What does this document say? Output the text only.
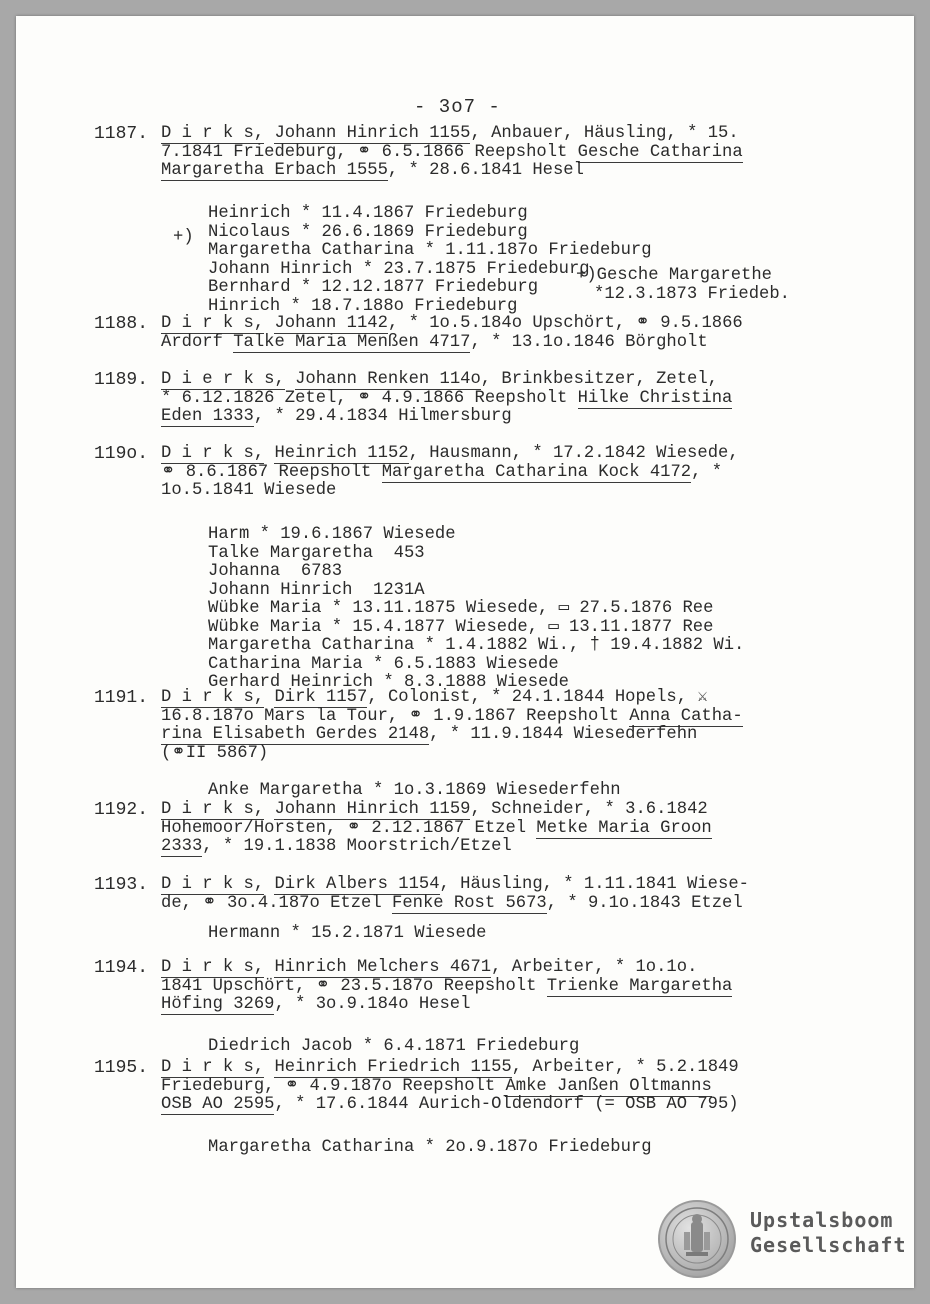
- 3o7 -
1187. D i r k s, Johann Hinrich 1155, Anbauer, Häusling, * 15.
7.1841 Friedeburg, ⚭ 6.5.1866 Reepsholt Gesche Catharina
Margaretha Erbach 1555, * 28.6.1841 Hesel
Heinrich * 11.4.1867 Friedeburg
Nicolaus * 26.6.1869 Friedeburg
Margaretha Catharina * 1.11.187o Friedeburg
Johann Hinrich * 23.7.1875 Friedeburg
Bernhard * 12.12.1877 Friedeburg
Hinrich * 18.7.188o Friedeburg
1188. D i r k s, Johann 1142, * 1o.5.184o Upschört, ⚭ 9.5.1866
Ardorf Talke Maria Menßen 4717, * 13.1o.1846 Börgholt
1189. D i e r k s, Johann Renken 114o, Brinkbesitzer, Zetel,
* 6.12.1826 Zetel, ⚭ 4.9.1866 Reepsholt Hilke Christina
Eden 1333, * 29.4.1834 Hilmersburg
119o. D i r k s, Heinrich 1152, Hausmann, * 17.2.1842 Wiesede,
⚭ 8.6.1867 Reepsholt Margaretha Catharina Kock 4172, *
1o.5.1841 Wiesede
Harm * 19.6.1867 Wiesede
Talke Margaretha  453
Johanna  6783
Johann Hinrich  1231A
Wübke Maria * 13.11.1875 Wiesede, ▭ 27.5.1876 Ree
Wübke Maria * 15.4.1877 Wiesede, ▭ 13.11.1877 Ree
Margaretha Catharina * 1.4.1882 Wi., † 19.4.1882 Wi.
Catharina Maria * 6.5.1883 Wiesede
Gerhard Heinrich * 8.3.1888 Wiesede
1191. D i r k s, Dirk 1157, Colonist, * 24.1.1844 Hopels, ⚔
16.8.187o Mars la Tour, ⚭ 1.9.1867 Reepsholt Anna Catha-
rina Elisabeth Gerdes 2148, * 11.9.1844 Wiesederfehn
(⚭II 5867)
Anke Margaretha * 1o.3.1869 Wiesederfehn
1192. D i r k s, Johann Hinrich 1159, Schneider, * 3.6.1842
Hohemoor/Horsten, ⚭ 2.12.1867 Etzel Metke Maria Groon
2333, * 19.1.1838 Moorstrich/Etzel
1193. D i r k s, Dirk Albers 1154, Häusling, * 1.11.1841 Wiese-
de, ⚭ 3o.4.187o Etzel Fenke Rost 5673, * 9.1o.1843 Etzel
Hermann * 15.2.1871 Wiesede
1194. D i r k s, Hinrich Melchers 4671, Arbeiter, * 1o.1o.
1841 Upschört, ⚭ 23.5.187o Reepsholt Trienke Margaretha
Höfing 3269, * 3o.9.184o Hesel
Diedrich Jacob * 6.4.1871 Friedeburg
1195. D i r k s, Heinrich Friedrich 1155, Arbeiter, * 5.2.1849
Friedeburg, ⚭ 4.9.187o Reepsholt Amke Janßen Oltmanns
OSB AO 2595, * 17.6.1844 Aurich-Oldendorf (= OSB AO 795)
Margaretha Catharina * 2o.9.187o Friedeburg
+)
+)Gesche Margarethe
*12.3.1873 Friedeb.
Upstalsboom
Gesellschaft
